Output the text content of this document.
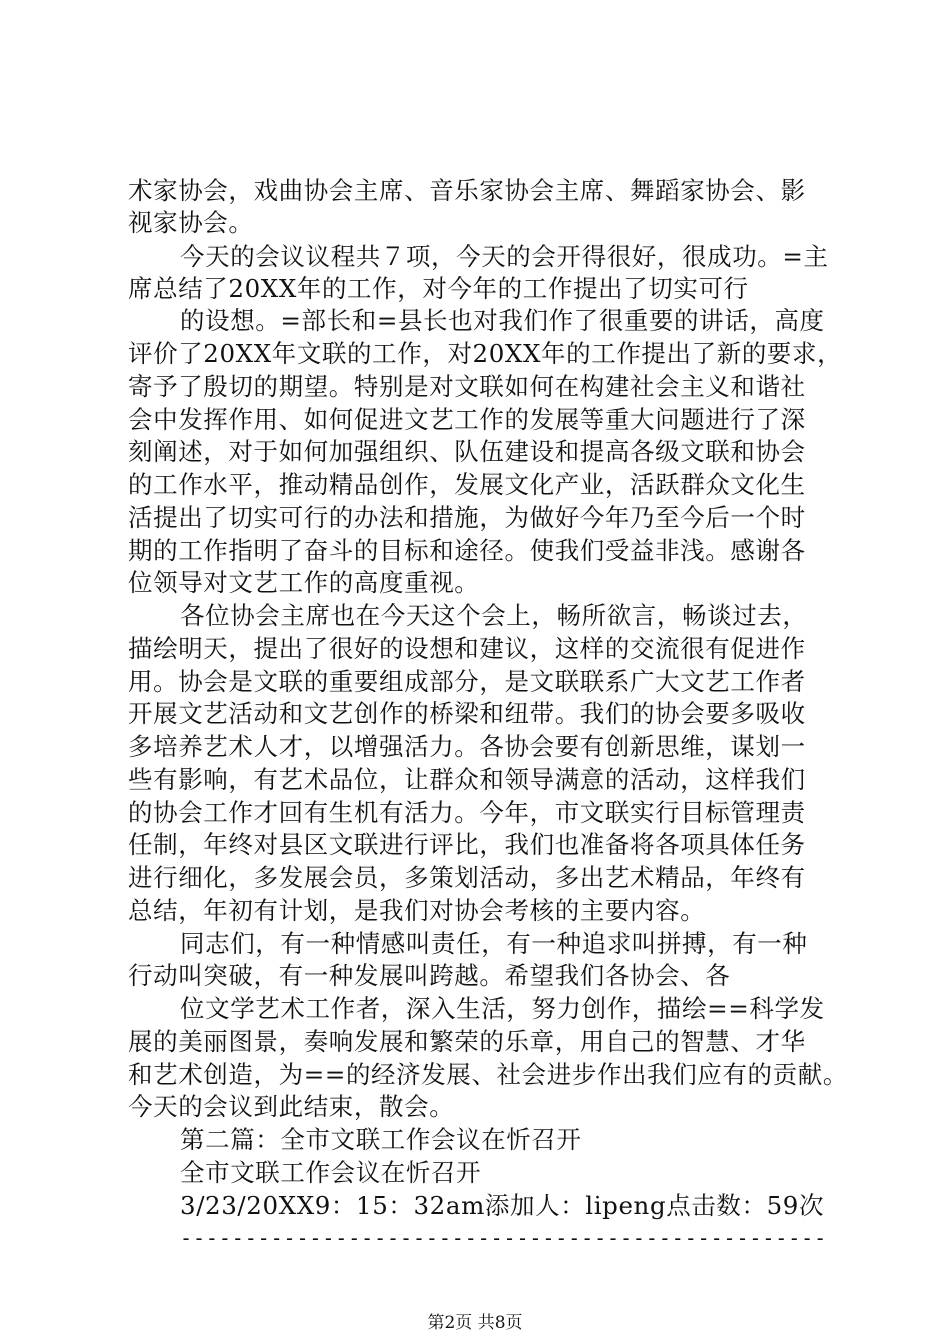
术家协会，戏曲协会主席、音乐家协会主席、舞蹈家协会、影
视家协会。
今天的会议议程共７项，今天的会开得很好，很成功。=主
席总结了20XX年的工作，对今年的工作提出了切实可行
的设想。=部长和=县长也对我们作了很重要的讲话，高度
评价了20XX年文联的工作，对20XX年的工作提出了新的要求，
寄予了殷切的期望。特别是对文联如何在构建社会主义和谐社
会中发挥作用、如何促进文艺工作的发展等重大问题进行了深
刻阐述，对于如何加强组织、队伍建设和提高各级文联和协会
的工作水平，推动精品创作，发展文化产业，活跃群众文化生
活提出了切实可行的办法和措施，为做好今年乃至今后一个时
期的工作指明了奋斗的目标和途径。使我们受益非浅。感谢各
位领导对文艺工作的高度重视。
各位协会主席也在今天这个会上，畅所欲言，畅谈过去，
描绘明天，提出了很好的设想和建议，这样的交流很有促进作
用。协会是文联的重要组成部分，是文联联系广大文艺工作者
开展文艺活动和文艺创作的桥梁和纽带。我们的协会要多吸收
多培养艺术人才，以增强活力。各协会要有创新思维，谋划一
些有影响，有艺术品位，让群众和领导满意的活动，这样我们
的协会工作才回有生机有活力。今年，市文联实行目标管理责
任制，年终对县区文联进行评比，我们也准备将各项具体任务
进行细化，多发展会员，多策划活动，多出艺术精品，年终有
总结，年初有计划，是我们对协会考核的主要内容。
同志们，有一种情感叫责任，有一种追求叫拼搏，有一种
行动叫突破，有一种发展叫跨越。希望我们各协会、各
位文学艺术工作者，深入生活，努力创作，描绘==科学发
展的美丽图景，奏响发展和繁荣的乐章，用自己的智慧、才华
和艺术创造，为==的经济发展、社会进步作出我们应有的贡献。
今天的会议到此结束，散会。
第二篇：全市文联工作会议在忻召开
全市文联工作会议在忻召开
3/23/20XX9：15：32am添加人：lipeng点击数：59次
--------------------------------------------------
第2页 共8页
